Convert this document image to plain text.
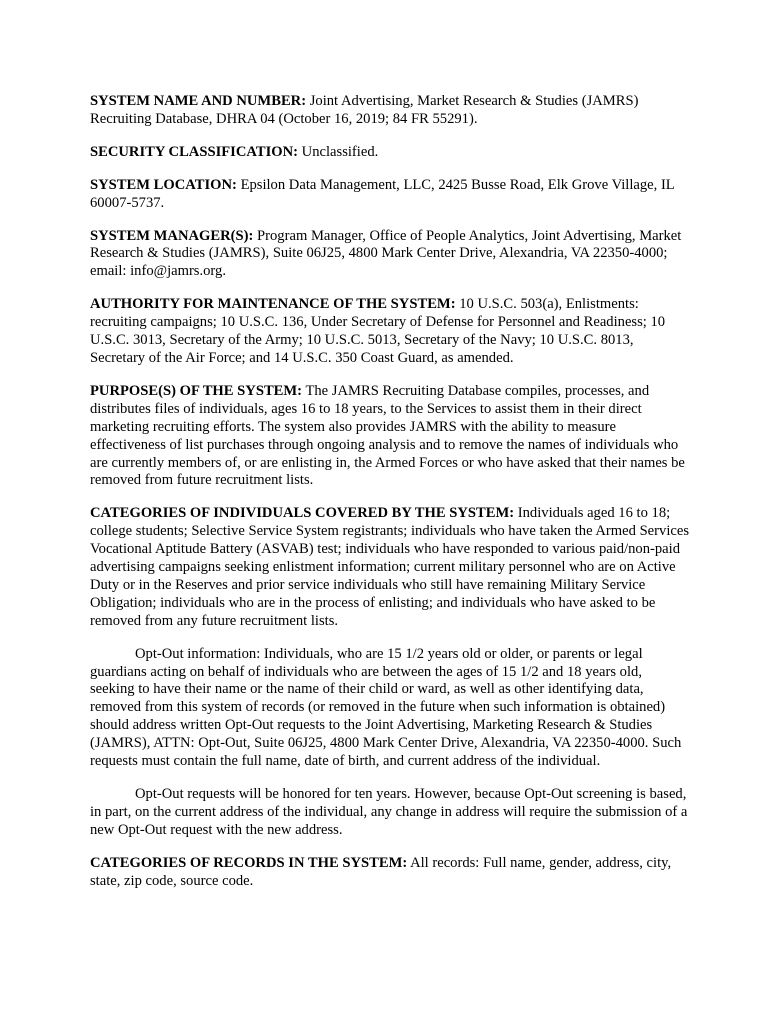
SYSTEM NAME AND NUMBER: Joint Advertising, Market Research & Studies (JAMRS) Recruiting Database, DHRA 04 (October 16, 2019; 84 FR 55291).

SECURITY CLASSIFICATION: Unclassified.

SYSTEM LOCATION: Epsilon Data Management, LLC, 2425 Busse Road, Elk Grove Village, IL 60007-5737.

SYSTEM MANAGER(S): Program Manager, Office of People Analytics, Joint Advertising, Market Research & Studies (JAMRS), Suite 06J25, 4800 Mark Center Drive, Alexandria, VA 22350-4000; email: info@jamrs.org.

AUTHORITY FOR MAINTENANCE OF THE SYSTEM: 10 U.S.C. 503(a), Enlistments: recruiting campaigns; 10 U.S.C. 136, Under Secretary of Defense for Personnel and Readiness; 10 U.S.C. 3013, Secretary of the Army; 10 U.S.C. 5013, Secretary of the Navy; 10 U.S.C. 8013, Secretary of the Air Force; and 14 U.S.C. 350 Coast Guard, as amended.

PURPOSE(S) OF THE SYSTEM: The JAMRS Recruiting Database compiles, processes, and distributes files of individuals, ages 16 to 18 years, to the Services to assist them in their direct marketing recruiting efforts. The system also provides JAMRS with the ability to measure effectiveness of list purchases through ongoing analysis and to remove the names of individuals who are currently members of, or are enlisting in, the Armed Forces or who have asked that their names be removed from future recruitment lists.

CATEGORIES OF INDIVIDUALS COVERED BY THE SYSTEM: Individuals aged 16 to 18; college students; Selective Service System registrants; individuals who have taken the Armed Services Vocational Aptitude Battery (ASVAB) test; individuals who have responded to various paid/non-paid advertising campaigns seeking enlistment information; current military personnel who are on Active Duty or in the Reserves and prior service individuals who still have remaining Military Service Obligation; individuals who are in the process of enlisting; and individuals who have asked to be removed from any future recruitment lists.

Opt-Out information: Individuals, who are 15 1/2 years old or older, or parents or legal guardians acting on behalf of individuals who are between the ages of 15 1/2 and 18 years old, seeking to have their name or the name of their child or ward, as well as other identifying data, removed from this system of records (or removed in the future when such information is obtained) should address written Opt-Out requests to the Joint Advertising, Marketing Research & Studies (JAMRS), ATTN: Opt-Out, Suite 06J25, 4800 Mark Center Drive, Alexandria, VA 22350-4000. Such requests must contain the full name, date of birth, and current address of the individual.

Opt-Out requests will be honored for ten years. However, because Opt-Out screening is based, in part, on the current address of the individual, any change in address will require the submission of a new Opt-Out request with the new address.

CATEGORIES OF RECORDS IN THE SYSTEM: All records: Full name, gender, address, city, state, zip code, source code.
